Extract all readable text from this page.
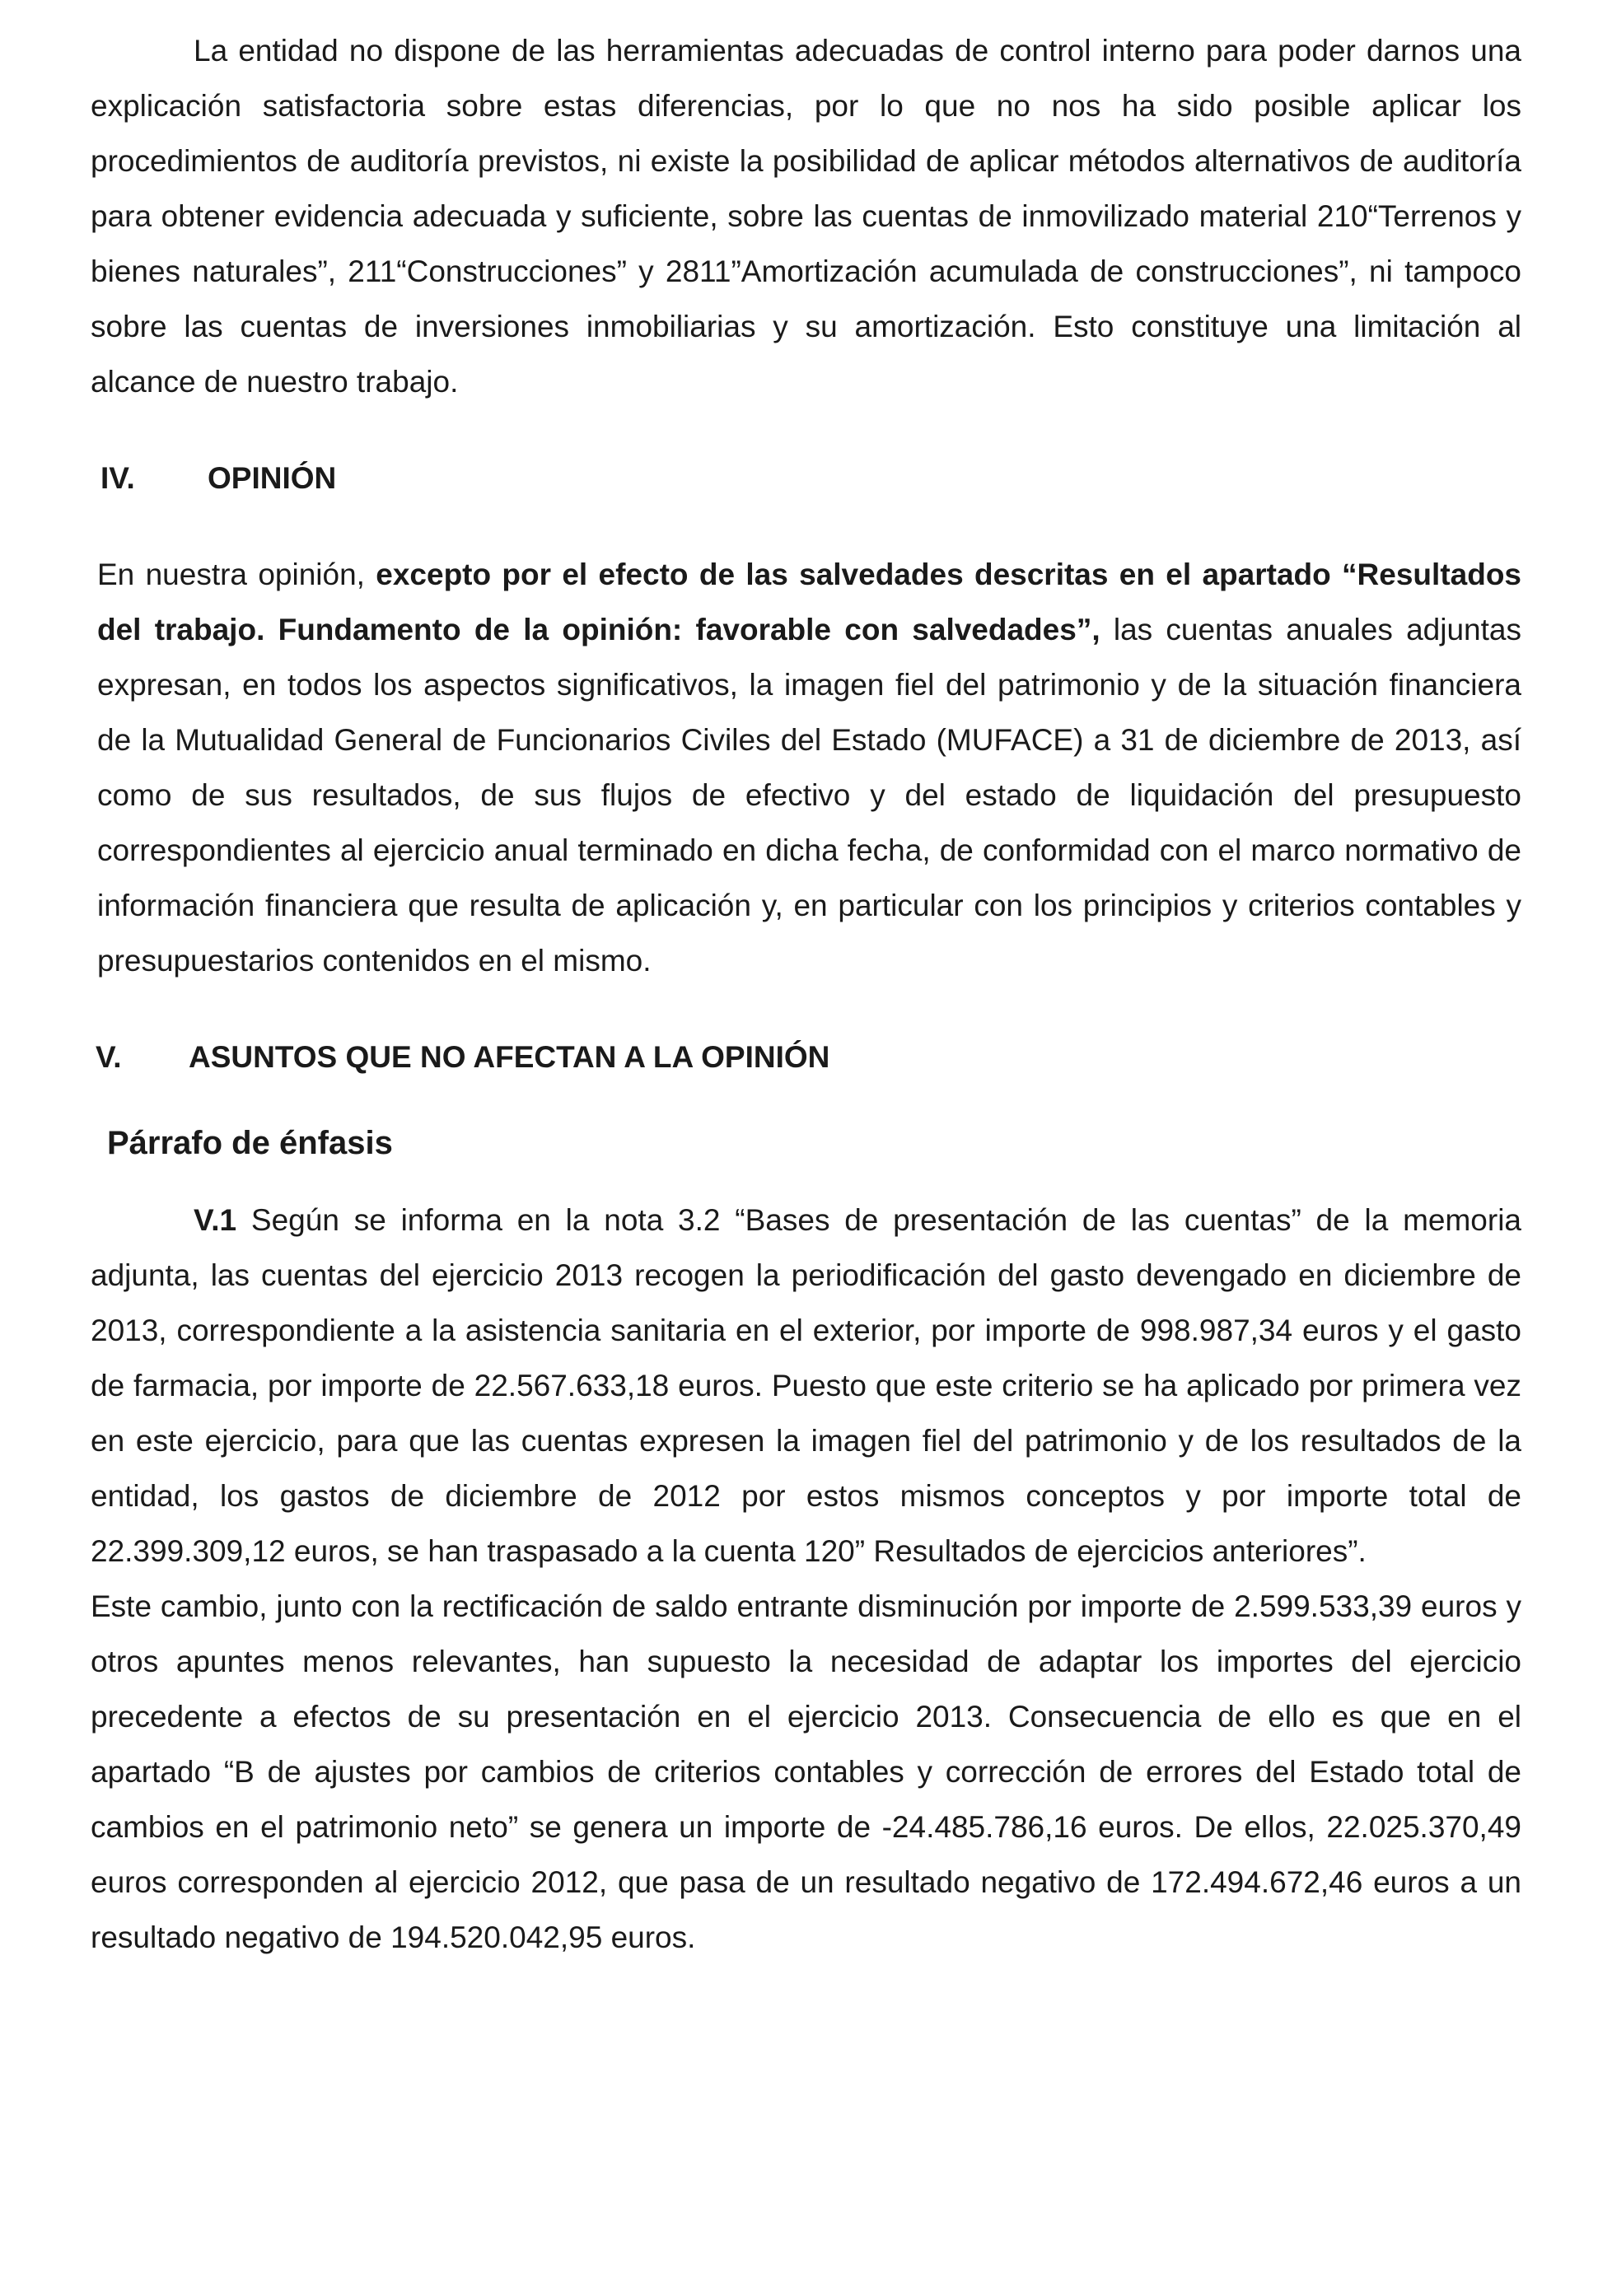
La entidad no dispone de las herramientas adecuadas de control interno para poder darnos una explicación satisfactoria sobre estas diferencias, por lo que no nos ha sido posible aplicar los procedimientos de auditoría previstos, ni existe la posibilidad de aplicar métodos alternativos de auditoría para obtener evidencia adecuada y suficiente, sobre las cuentas de inmovilizado material 210“Terrenos y bienes naturales”, 211“Construcciones” y 2811”Amortización acumulada de construcciones”, ni tampoco sobre las cuentas de inversiones inmobiliarias y su amortización. Esto constituye una limitación al alcance de nuestro trabajo.

IV.	OPINIÓN

En nuestra opinión, excepto por el efecto de las salvedades descritas en el apartado “Resultados del trabajo. Fundamento de la opinión: favorable con salvedades”, las cuentas anuales adjuntas expresan, en todos los aspectos significativos, la imagen fiel del patrimonio y de la situación financiera de la Mutualidad General de Funcionarios Civiles del Estado (MUFACE) a 31 de diciembre de 2013, así como de sus resultados, de sus flujos de efectivo y del estado de liquidación del presupuesto correspondientes al ejercicio anual terminado en dicha fecha, de conformidad con el marco normativo de información financiera que resulta de aplicación y, en particular con los principios y criterios contables y presupuestarios contenidos en el mismo.

V.	ASUNTOS QUE NO AFECTAN A LA OPINIÓN
Párrafo de énfasis

V.1 Según se informa en la nota 3.2 “Bases de presentación de las cuentas” de la memoria adjunta, las cuentas del ejercicio 2013 recogen la periodificación del gasto devengado en diciembre de 2013, correspondiente a la asistencia sanitaria en el exterior, por importe de 998.987,34 euros y el gasto de farmacia, por importe de 22.567.633,18 euros. Puesto que este criterio se ha aplicado por primera vez en este ejercicio, para que las cuentas expresen la imagen fiel del patrimonio y de los resultados de la entidad, los gastos de diciembre de 2012 por estos mismos conceptos y por importe total de 22.399.309,12 euros, se han traspasado a la cuenta 120” Resultados de ejercicios anteriores”.

Este cambio, junto con la rectificación de saldo entrante disminución por importe de 2.599.533,39 euros y otros apuntes menos relevantes, han supuesto la necesidad de adaptar los importes del ejercicio precedente a efectos de su presentación en el ejercicio 2013. Consecuencia de ello es que en el apartado “B de ajustes por cambios de criterios contables y corrección de errores del Estado total de cambios en el patrimonio neto” se genera un importe de -24.485.786,16 euros. De ellos, 22.025.370,49 euros corresponden al ejercicio 2012, que pasa de un resultado negativo de 172.494.672,46 euros a un resultado negativo de 194.520.042,95 euros.
